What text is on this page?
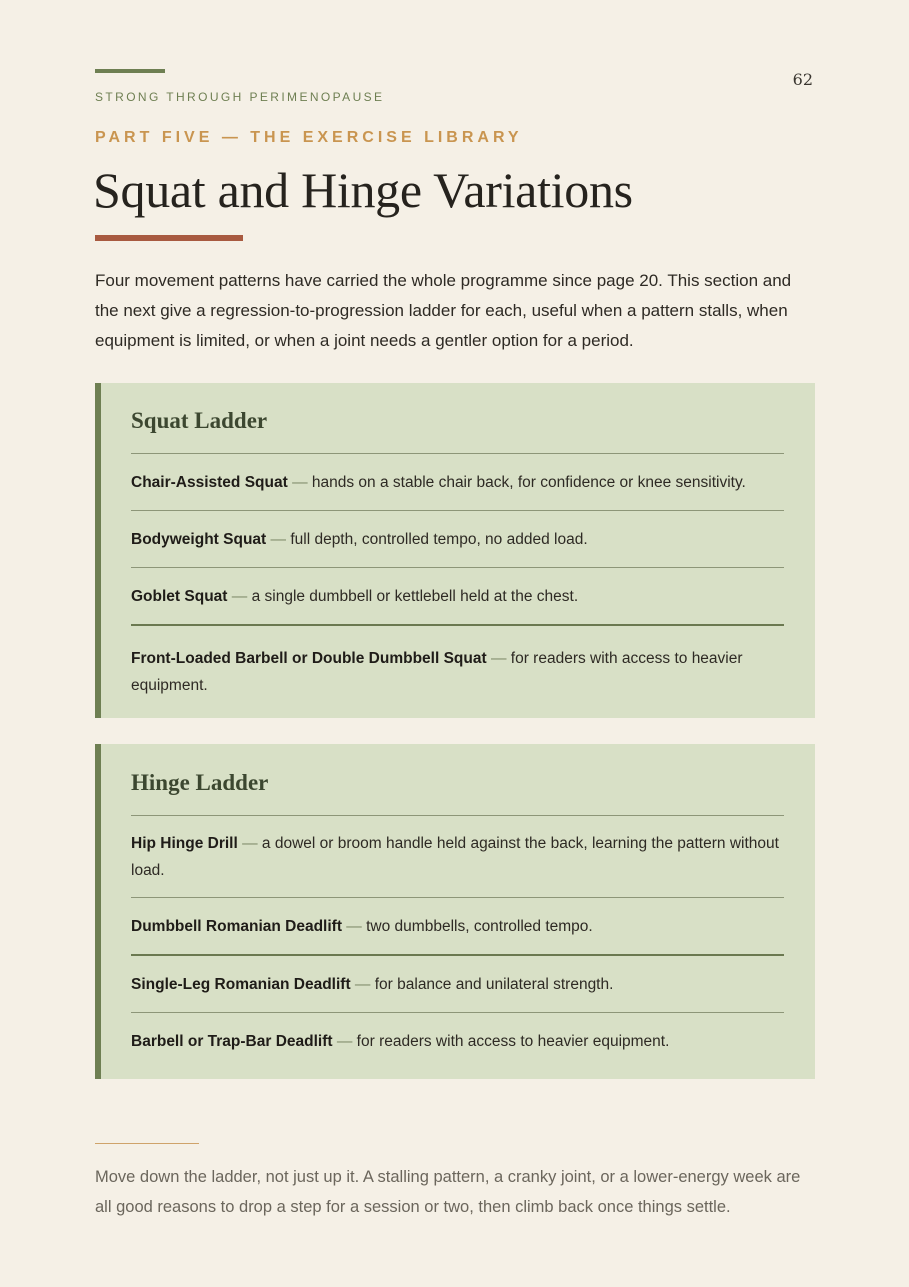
STRONG THROUGH PERIMENOPAUSE
62
PART FIVE — THE EXERCISE LIBRARY
Squat and Hinge Variations

Four movement patterns have carried the whole programme since page 20. This section and the next give a regression-to-progression ladder for each, useful when a pattern stalls, when equipment is limited, or when a joint needs a gentler option for a period.

Squat Ladder

Chair-Assisted Squat — hands on a stable chair back, for confidence or knee sensitivity.

Bodyweight Squat — full depth, controlled tempo, no added load.

Goblet Squat — a single dumbbell or kettlebell held at the chest.

Front-Loaded Barbell or Double Dumbbell Squat — for readers with access to heavier equipment.

Hinge Ladder

Hip Hinge Drill — a dowel or broom handle held against the back, learning the pattern without load.

Dumbbell Romanian Deadlift — two dumbbells, controlled tempo.

Single-Leg Romanian Deadlift — for balance and unilateral strength.

Barbell or Trap-Bar Deadlift — for readers with access to heavier equipment.

Move down the ladder, not just up it. A stalling pattern, a cranky joint, or a lower-energy week are all good reasons to drop a step for a session or two, then climb back once things settle.
